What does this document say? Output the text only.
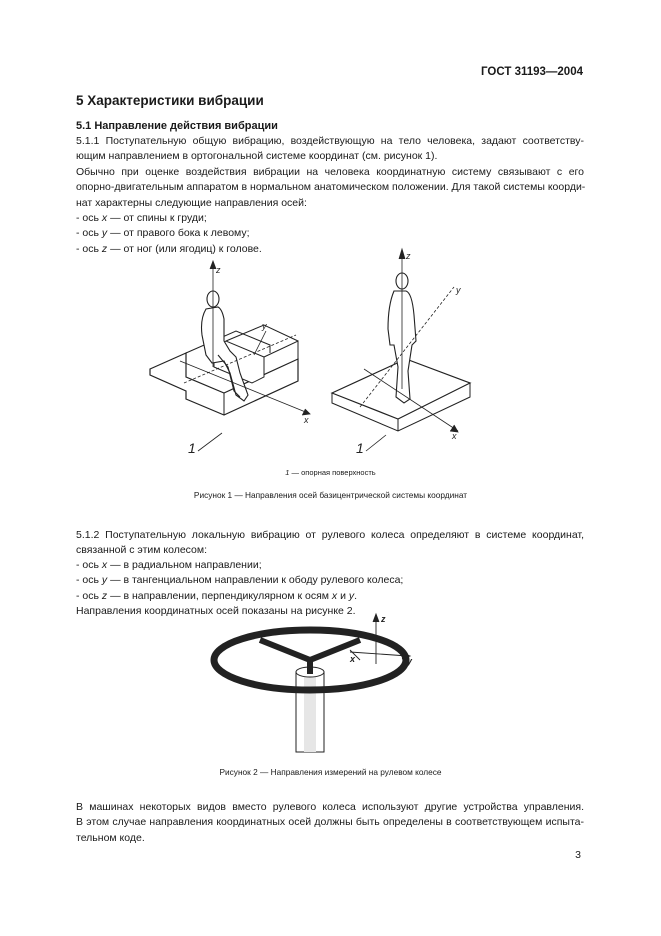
ГОСТ 31193—2004
5 Характеристики вибрации
5.1 Направление действия вибрации
5.1.1 Поступательную общую вибрацию, воздействующую на тело человека, задают соответству-
ющим направлением в ортогональной системе координат (см. рисунок 1).
Обычно при оценке воздействия вибрации на человека координатную систему связывают с его
опорно-двигательным аппаратом в нормальном анатомическом положении. Для такой системы коорди-
нат характерны следующие направления осей:
- ось x — от спины к груди;
- ось y — от правого бока к левому;
- ось z — от ног (или ягодиц) к голове.
z
y
x
z
y
x
1	1
1 — опорная поверхность
Рисунок 1 — Направления осей базицентрической системы координат
5.1.2 Поступательную локальную вибрацию от рулевого колеса определяют в системе координат,
связанной с этим колесом:
- ось x — в радиальном направлении;
- ось y — в тангенциальном направлении к ободу рулевого колеса;
- ось z — в направлении, перпендикулярном к осям x и y.
Направления координатных осей показаны на рисунке 2.
z
x	y
Рисунок 2 — Направления измерений на рулевом колесе
В машинах некоторых видов вместо рулевого колеса используют другие устройства управления.
В этом случае направления координатных осей должны быть определены в соответствующем испыта-
тельном коде.
3
